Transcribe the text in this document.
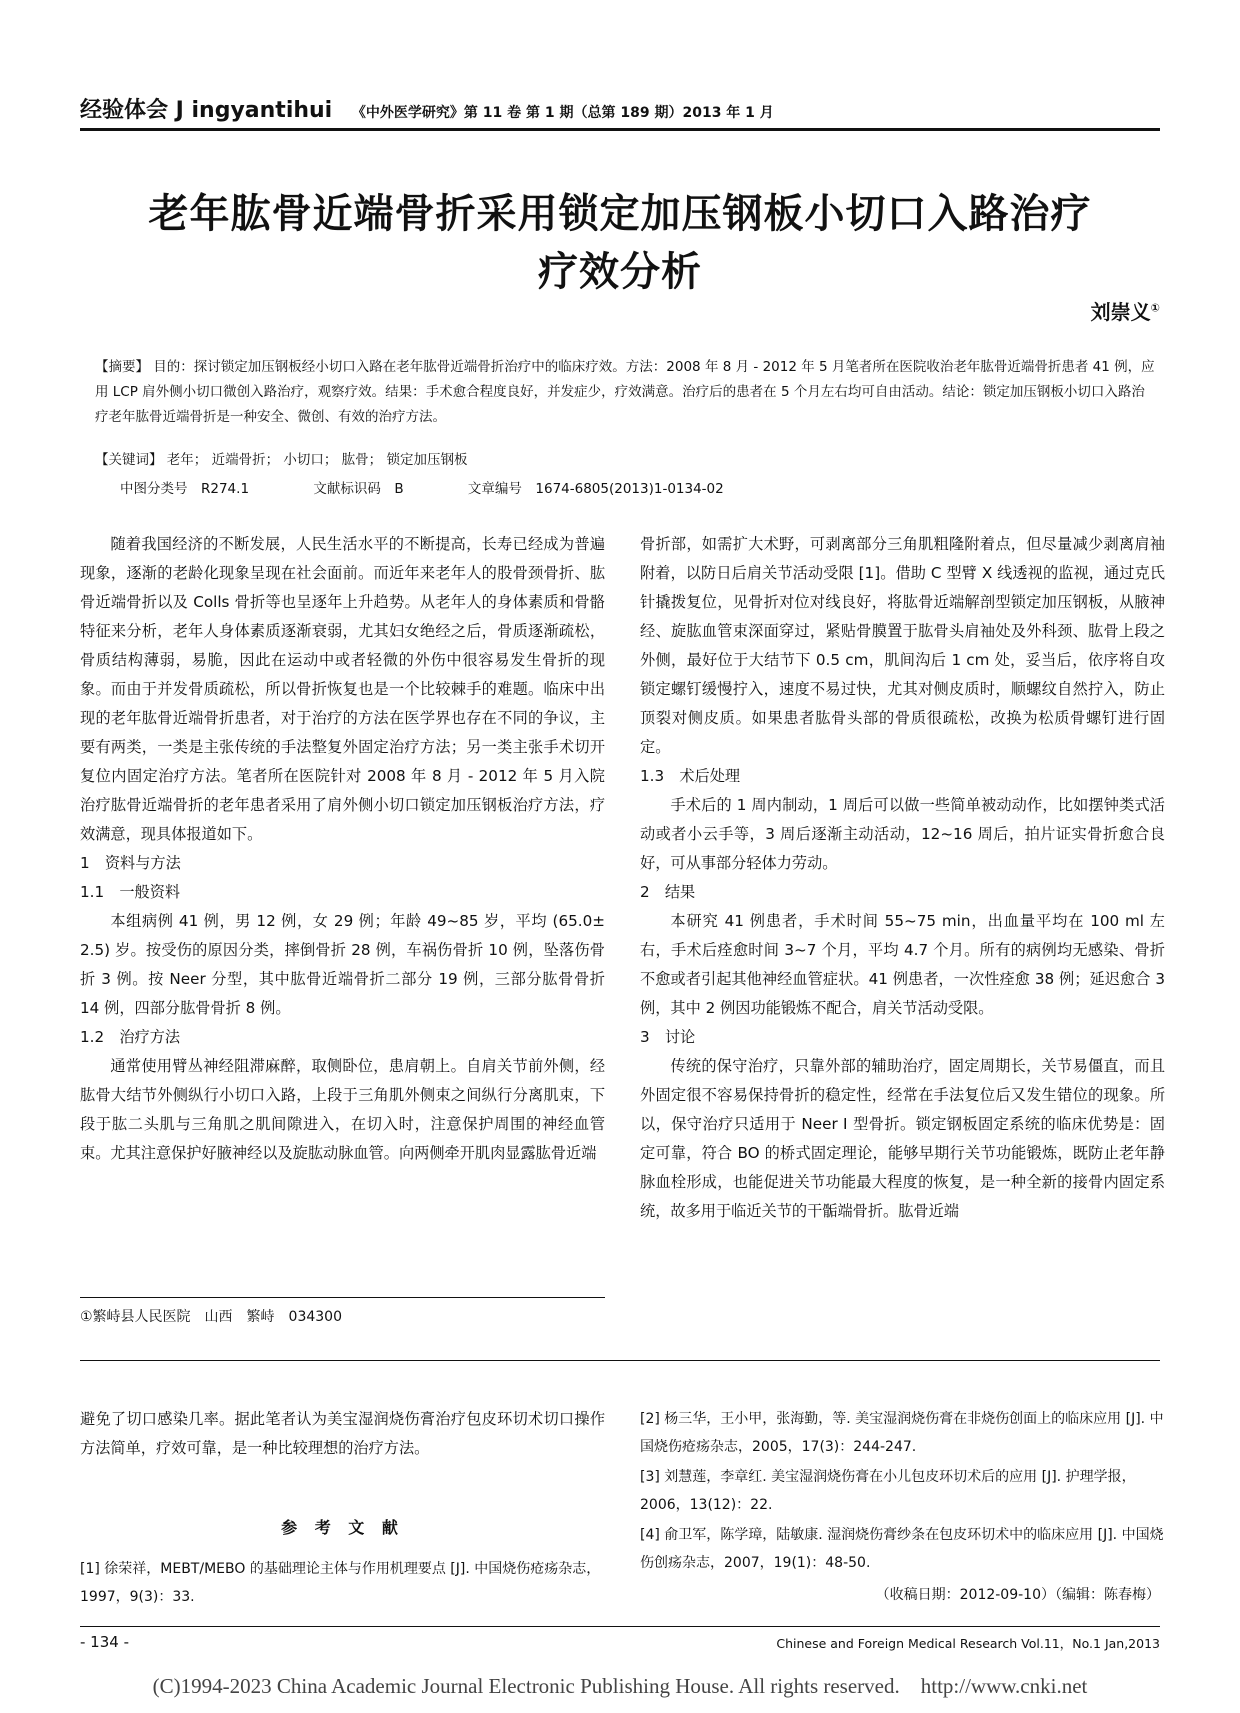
经验体会 J ingyantihui 《中外医学研究》第 11 卷 第 1 期（总第 189 期）2013 年 1 月
老年肱骨近端骨折采用锁定加压钢板小切口入路治疗
疗效分析
刘崇义①
【摘要】 目的：探讨锁定加压钢板经小切口入路在老年肱骨近端骨折治疗中的临床疗效。方法：2008 年 8 月 - 2012 年 5 月笔者所在医院收治老年肱骨近端骨折患者 41 例，应用 LCP 肩外侧小切口微创入路治疗，观察疗效。结果：手术愈合程度良好，并发症少，疗效满意。治疗后的患者在 5 个月左右均可自由活动。结论：锁定加压钢板小切口入路治疗老年肱骨近端骨折是一种安全、微创、有效的治疗方法。
【关键词】 老年； 近端骨折； 小切口； 肱骨； 锁定加压钢板
中图分类号　R274.1	文献标识码　B	文章编号　1674-6805(2013)1-0134-02

随着我国经济的不断发展，人民生活水平的不断提高，长寿已经成为普遍现象，逐渐的老龄化现象呈现在社会面前。而近年来老年人的股骨颈骨折、肱骨近端骨折以及 Colls 骨折等也呈逐年上升趋势。从老年人的身体素质和骨骼特征来分析，老年人身体素质逐渐衰弱，尤其妇女绝经之后，骨质逐渐疏松，骨质结构薄弱，易脆，因此在运动中或者轻微的外伤中很容易发生骨折的现象。而由于并发骨质疏松，所以骨折恢复也是一个比较棘手的难题。临床中出现的老年肱骨近端骨折患者，对于治疗的方法在医学界也存在不同的争议，主要有两类，一类是主张传统的手法整复外固定治疗方法；另一类主张手术切开复位内固定治疗方法。笔者所在医院针对 2008 年 8 月 - 2012 年 5 月入院治疗肱骨近端骨折的老年患者采用了肩外侧小切口锁定加压钢板治疗方法，疗效满意，现具体报道如下。

1　资料与方法
1.1　一般资料

本组病例 41 例，男 12 例，女 29 例；年龄 49~85 岁，平均 (65.0± 2.5) 岁。按受伤的原因分类，摔倒骨折 28 例，车祸伤骨折 10 例，坠落伤骨折 3 例。按 Neer 分型，其中肱骨近端骨折二部分 19 例，三部分肱骨骨折 14 例，四部分肱骨骨折 8 例。

1.2　治疗方法

通常使用臂丛神经阻滞麻醉，取侧卧位，患肩朝上。自肩关节前外侧，经肱骨大结节外侧纵行小切口入路，上段于三角肌外侧束之间纵行分离肌束，下段于肱二头肌与三角肌之肌间隙进入，在切入时，注意保护周围的神经血管束。尤其注意保护好腋神经以及旋肱动脉血管。向两侧牵开肌肉显露肱骨近端

①繁峙县人民医院　山西　繁峙　034300

骨折部，如需扩大术野，可剥离部分三角肌粗隆附着点，但尽量减少剥离肩袖附着，以防日后肩关节活动受限 [1]。借助 C 型臂 X 线透视的监视，通过克氏针撬拨复位，见骨折对位对线良好，将肱骨近端解剖型锁定加压钢板，从腋神经、旋肱血管束深面穿过，紧贴骨膜置于肱骨头肩袖处及外科颈、肱骨上段之外侧，最好位于大结节下 0.5 cm，肌间沟后 1 cm 处，妥当后，依序将自攻锁定螺钉缓慢拧入，速度不易过快，尤其对侧皮质时，顺螺纹自然拧入，防止顶裂对侧皮质。如果患者肱骨头部的骨质很疏松，改换为松质骨螺钉进行固定。

1.3　术后处理

手术后的 1 周内制动，1 周后可以做一些简单被动动作，比如摆钟类式活动或者小云手等，3 周后逐渐主动活动，12~16 周后，拍片证实骨折愈合良好，可从事部分轻体力劳动。

2　结果

本研究 41 例患者，手术时间 55~75 min，出血量平均在 100 ml 左右，手术后痊愈时间 3~7 个月，平均 4.7 个月。所有的病例均无感染、骨折不愈或者引起其他神经血管症状。41 例患者，一次性痊愈 38 例；延迟愈合 3 例，其中 2 例因功能锻炼不配合，肩关节活动受限。

3　讨论

传统的保守治疗，只靠外部的辅助治疗，固定周期长，关节易僵直，而且外固定很不容易保持骨折的稳定性，经常在手法复位后又发生错位的现象。所以，保守治疗只适用于 Neer Ⅰ 型骨折。锁定钢板固定系统的临床优势是：固定可靠，符合 BO 的桥式固定理论，能够早期行关节功能锻炼，既防止老年静脉血栓形成，也能促进关节功能最大程度的恢复，是一种全新的接骨内固定系统，故多用于临近关节的干骺端骨折。肱骨近端

避免了切口感染几率。据此笔者认为美宝湿润烧伤膏治疗包皮环切术切口操作方法简单，疗效可靠，是一种比较理想的治疗方法。

参 考 文 献
[1] 徐荣祥，MEBT/MEBO 的基础理论主体与作用机理要点 [J]. 中国烧伤疮疡杂志，1997，9(3)：33.
[2] 杨三华，王小甲，张海勤，等. 美宝湿润烧伤膏在非烧伤创面上的临床应用 [J]. 中国烧伤疮疡杂志，2005，17(3)：244-247.
[3] 刘慧莲，李章红. 美宝湿润烧伤膏在小儿包皮环切术后的应用 [J]. 护理学报，2006，13(12)：22.
[4] 俞卫军，陈学璋，陆敏康. 湿润烧伤膏纱条在包皮环切术中的临床应用 [J]. 中国烧伤创疡杂志，2007，19(1)：48-50.
（收稿日期：2012-09-10）（编辑：陈春梅）
- 134 -	Chinese and Foreign Medical Research Vol.11，No.1 Jan,2013
(C)1994-2023 China Academic Journal Electronic Publishing House. All rights reserved.　http://www.cnki.net
